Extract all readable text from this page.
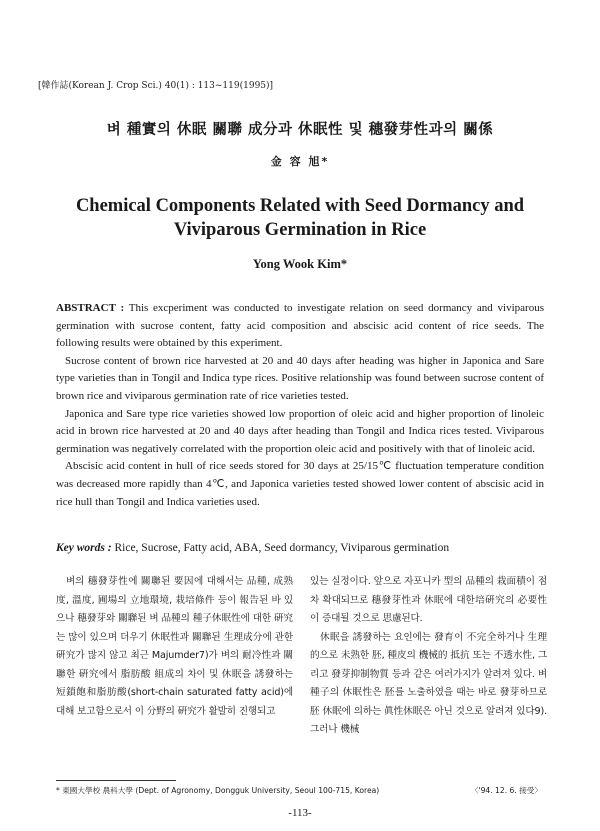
[韓作誌(Korean J. Crop Sci.) 40(1) : 113~119(1995)]
벼 種實의 休眠 關聯 成分과 休眠性 및 穗發芽性과의 關係
金 容 旭*
Chemical Components Related with Seed Dormancy and
Viviparous Germination in Rice
Yong Wook Kim*

ABSTRACT : This excperiment was conducted to investigate relation on seed dormancy and viviparous germination with sucrose content, fatty acid composition and abscisic acid content of rice seeds. The following results were obtained by this experiment.

Sucrose content of brown rice harvested at 20 and 40 days after heading was higher in Japonica and Sare type varieties than in Tongil and Indica type rices. Positive relationship was found between sucrose content of brown rice and viviparous germination rate of rice varieties tested.

Japonica and Sare type rice varieties showed low proportion of oleic acid and higher proportion of linoleic acid in brown rice harvested at 20 and 40 days after heading than Tongil and Indica rices tested. Viviparous germination was negatively correlated with the proportion oleic acid and positively with that of linoleic acid.

Abscisic acid content in hull of rice seeds stored for 30 days at 25/15℃ fluctuation temperature condition was decreased more rapidly than 4℃, and Japonica varieties tested showed lower content of abscisic acid in rice hull than Tongil and Indica varieties used.

Key words : Rice, Sucrose, Fatty acid, ABA, Seed dormancy, Viviparous germination

벼의 穗發芽性에 關聯된 要因에 대해서는 品種, 成熟度, 溫度, 圃場의 立地環境, 栽培條件 등이 報告된 바 있으나 穗發芽와 關聯된 벼 品種의 種子休眠性에 대한 硏究는 많이 있으며 더우기 休眠性과 關聯된 生理成分에 관한 硏究가 많지 않고 최근 Majumder7)가 벼의 耐冷性과 關聯한 硏究에서 脂肪酸 組成의 차이 및 休眠을 誘發하는 短鎖飽和脂肪酸(short-chain saturated fatty acid)에 대해 보고함으로서 이 分野의 硏究가 활발히 진행되고

있는 실정이다. 앞으로 자포니카 型의 品種의 栽面積이 점차 확대되므로 穗發芽性과 休眠에 대한培硏究의 必要性이 증대될 것으로 思慮된다.

休眠을 誘發하는 요인에는 發育이 不完全하거나 生理的으로 未熟한 胚, 種皮의 機械的 抵抗 또는 不透水性, 그리고 發芽抑制物質 등과 같은 여러가지가 알려져 있다. 벼 種子의 休眠性은 胚를 노출하였을 때는 바로 發芽하므로 胚 休眠에 의하는 眞性休眠은 아닌 것으로 알려져 있다9). 그러나 機械

* 東國大學校 農科大學 (Dept. of Agronomy, Dongguk University, Seoul 100-715, Korea)	〈'94. 12. 6. 接受〉
-113-
